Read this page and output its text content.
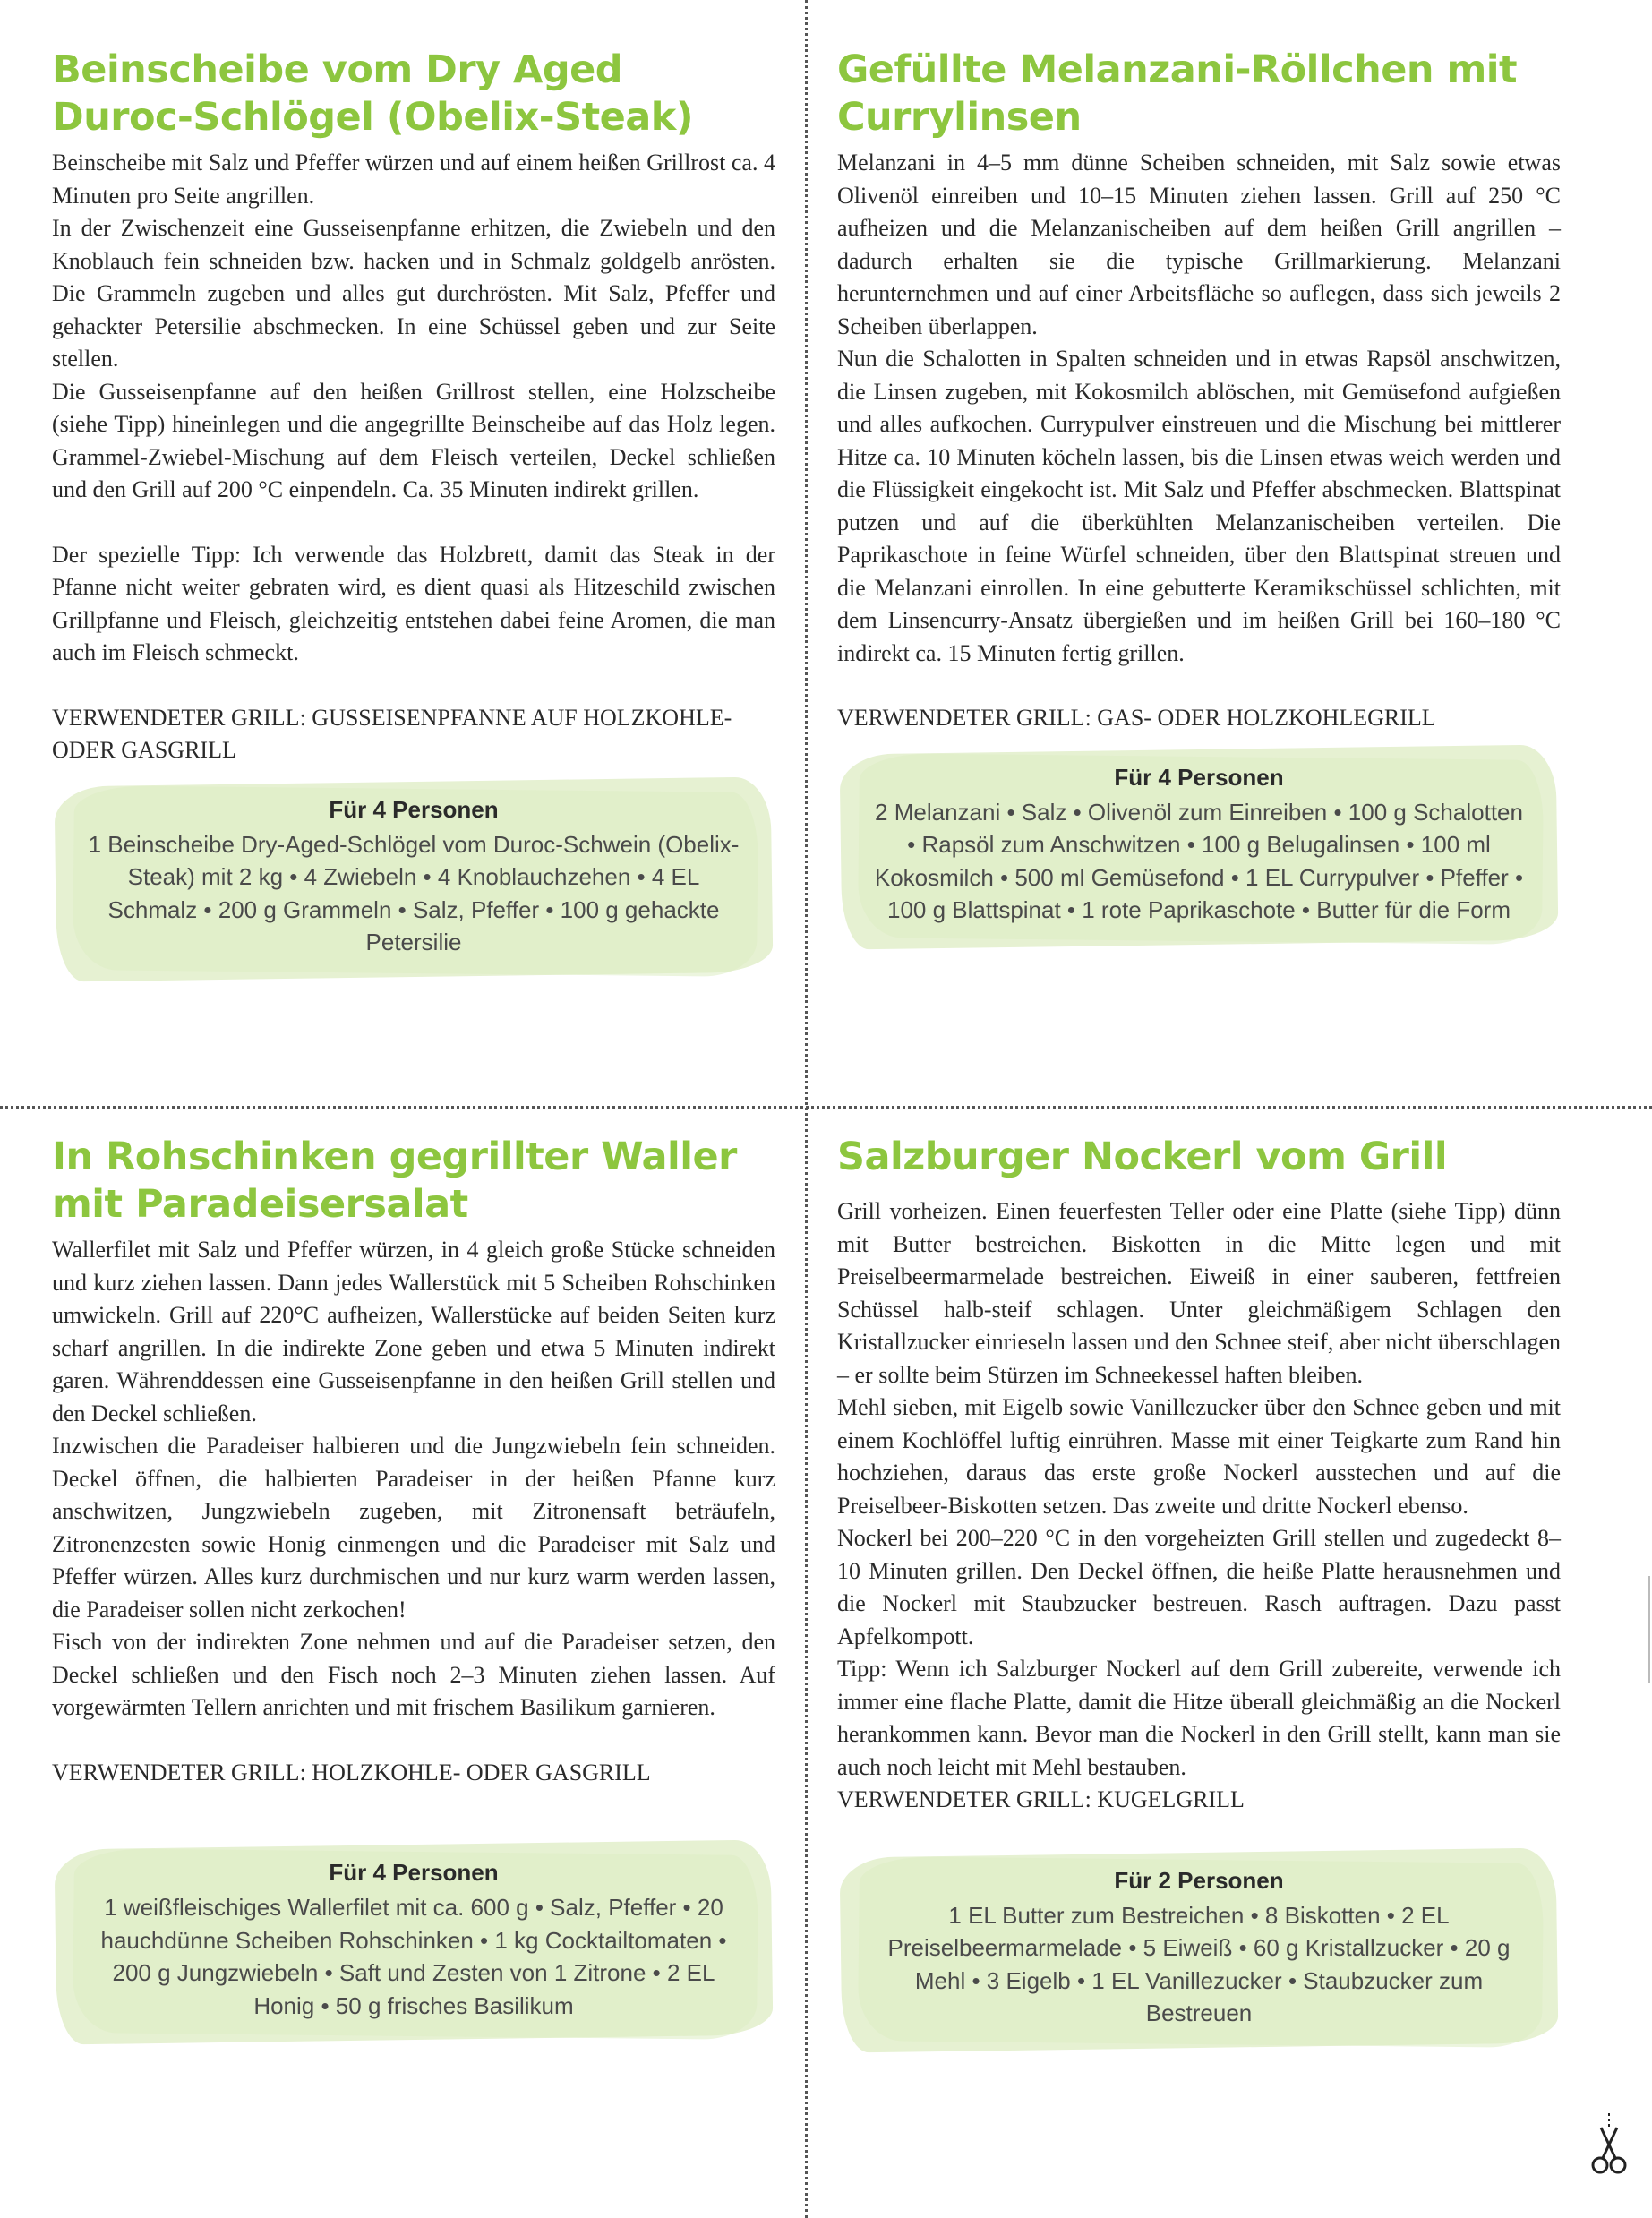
Beinscheibe vom Dry Aged Duroc-Schlögel (Obelix-Steak)

Beinscheibe mit Salz und Pfeffer würzen und auf einem heißen Grillrost ca. 4 Minuten pro Seite angrillen.

In der Zwischenzeit eine Gusseisenpfanne erhitzen, die Zwiebeln und den Knoblauch fein schneiden bzw. hacken und in Schmalz goldgelb anrösten. Die Grammeln zugeben und alles gut durchrösten. Mit Salz, Pfeffer und gehackter Petersilie abschmecken. In eine Schüssel geben und zur Seite stellen.

Die Gusseisenpfanne auf den heißen Grillrost stellen, eine Holzscheibe (siehe Tipp) hineinlegen und die angegrillte Beinscheibe auf das Holz legen. Grammel-Zwiebel-Mischung auf dem Fleisch verteilen, Deckel schließen und den Grill auf 200 °C einpendeln. Ca. 35 Minuten indirekt grillen.

Der spezielle Tipp: Ich verwende das Holzbrett, damit das Steak in der Pfanne nicht weiter gebraten wird, es dient quasi als Hitzeschild zwischen Grillpfanne und Fleisch, gleichzeitig entstehen dabei feine Aromen, die man auch im Fleisch schmeckt.

VERWENDETER GRILL: GUSSEISENPFANNE AUF HOLZKOHLE- ODER GASGRILL
Für 4 Personen
1 Beinscheibe Dry-Aged-Schlögel vom Duroc-Schwein (Obelix-Steak) mit 2 kg • 4 Zwiebeln • 4 Knoblauchzehen • 4 EL Schmalz • 200 g Grammeln • Salz, Pfeffer • 100 g gehackte Petersilie
Gefüllte Melanzani-Röllchen mit Currylinsen

Melanzani in 4–5 mm dünne Scheiben schneiden, mit Salz sowie etwas Olivenöl einreiben und 10–15 Minuten ziehen lassen. Grill auf 250 °C aufheizen und die Melanzanischeiben auf dem heißen Grill angrillen – dadurch erhalten sie die typische Grillmarkierung. Melanzani herunternehmen und auf einer Arbeitsfläche so auflegen, dass sich jeweils 2 Scheiben überlappen.

Nun die Schalotten in Spalten schneiden und in etwas Rapsöl anschwitzen, die Linsen zugeben, mit Kokosmilch ablöschen, mit Gemüsefond aufgießen und alles aufkochen. Currypulver einstreuen und die Mischung bei mittlerer Hitze ca. 10 Minuten köcheln lassen, bis die Linsen etwas weich werden und die Flüssigkeit eingekocht ist. Mit Salz und Pfeffer abschmecken. Blattspinat putzen und auf die überkühlten Melanzanischeiben verteilen. Die Paprikaschote in feine Würfel schneiden, über den Blattspinat streuen und die Melanzani einrollen. In eine gebutterte Keramikschüssel schlichten, mit dem Linsencurry-Ansatz übergießen und im heißen Grill bei 160–180 °C indirekt ca. 15 Minuten fertig grillen.

VERWENDETER GRILL: GAS- ODER HOLZKOHLEGRILL
Für 4 Personen
2 Melanzani • Salz • Olivenöl zum Einreiben • 100 g Schalotten • Rapsöl zum Anschwitzen • 100 g Belugalinsen • 100 ml Kokosmilch • 500 ml Gemüsefond • 1 EL Currypulver • Pfeffer • 100 g Blattspinat • 1 rote Paprikaschote • Butter für die Form
In Rohschinken gegrillter Waller mit Paradeisersalat

Wallerfilet mit Salz und Pfeffer würzen, in 4 gleich große Stücke schneiden und kurz ziehen lassen. Dann jedes Wallerstück mit 5 Scheiben Rohschinken umwickeln. Grill auf 220°C aufheizen, Wallerstücke auf beiden Seiten kurz scharf angrillen. In die indirekte Zone geben und etwa 5 Minuten indirekt garen. Währenddessen eine Gusseisenpfanne in den heißen Grill stellen und den Deckel schließen.

Inzwischen die Paradeiser halbieren und die Jungzwiebeln fein schneiden. Deckel öffnen, die halbierten Paradeiser in der heißen Pfanne kurz anschwitzen, Jungzwiebeln zugeben, mit Zitronensaft beträufeln, Zitronenzesten sowie Honig einmengen und die Paradeiser mit Salz und Pfeffer würzen. Alles kurz durchmischen und nur kurz warm werden lassen, die Paradeiser sollen nicht zerkochen!

Fisch von der indirekten Zone nehmen und auf die Paradeiser setzen, den Deckel schließen und den Fisch noch 2–3 Minuten ziehen lassen. Auf vorgewärmten Tellern anrichten und mit frischem Basilikum garnieren.

VERWENDETER GRILL: HOLZKOHLE- ODER GASGRILL
Für 4 Personen
1 weißfleischiges Wallerfilet mit ca. 600 g • Salz, Pfeffer • 20 hauchdünne Scheiben Rohschinken • 1 kg Cocktailtomaten • 200 g Jungzwiebeln • Saft und Zesten von 1 Zitrone • 2 EL Honig • 50 g frisches Basilikum
Salzburger Nockerl vom Grill

Grill vorheizen. Einen feuerfesten Teller oder eine Platte (siehe Tipp) dünn mit Butter bestreichen. Biskotten in die Mitte legen und mit Preiselbeermarmelade bestreichen. Eiweiß in einer sauberen, fettfreien Schüssel halb-steif schlagen. Unter gleichmäßigem Schlagen den Kristallzucker einrieseln lassen und den Schnee steif, aber nicht überschlagen – er sollte beim Stürzen im Schneekessel haften bleiben.

Mehl sieben, mit Eigelb sowie Vanillezucker über den Schnee geben und mit einem Kochlöffel luftig einrühren. Masse mit einer Teigkarte zum Rand hin hochziehen, daraus das erste große Nockerl ausstechen und auf die Preiselbeer-Biskotten setzen. Das zweite und dritte Nockerl ebenso.

Nockerl bei 200–220 °C in den vorgeheizten Grill stellen und zugedeckt 8–10 Minuten grillen. Den Deckel öffnen, die heiße Platte herausnehmen und die Nockerl mit Staubzucker bestreuen. Rasch auftragen. Dazu passt Apfelkompott.

Tipp: Wenn ich Salzburger Nockerl auf dem Grill zubereite, verwende ich immer eine flache Platte, damit die Hitze überall gleichmäßig an die Nockerl herankommen kann. Bevor man die Nockerl in den Grill stellt, kann man sie auch noch leicht mit Mehl bestauben.

VERWENDETER GRILL: KUGELGRILL
Für 2 Personen
1 EL Butter zum Bestreichen • 8 Biskotten • 2 EL Preiselbeermarmelade • 5 Eiweiß • 60 g Kristallzucker • 20 g Mehl • 3 Eigelb • 1 EL Vanillezucker • Staubzucker zum Bestreuen
